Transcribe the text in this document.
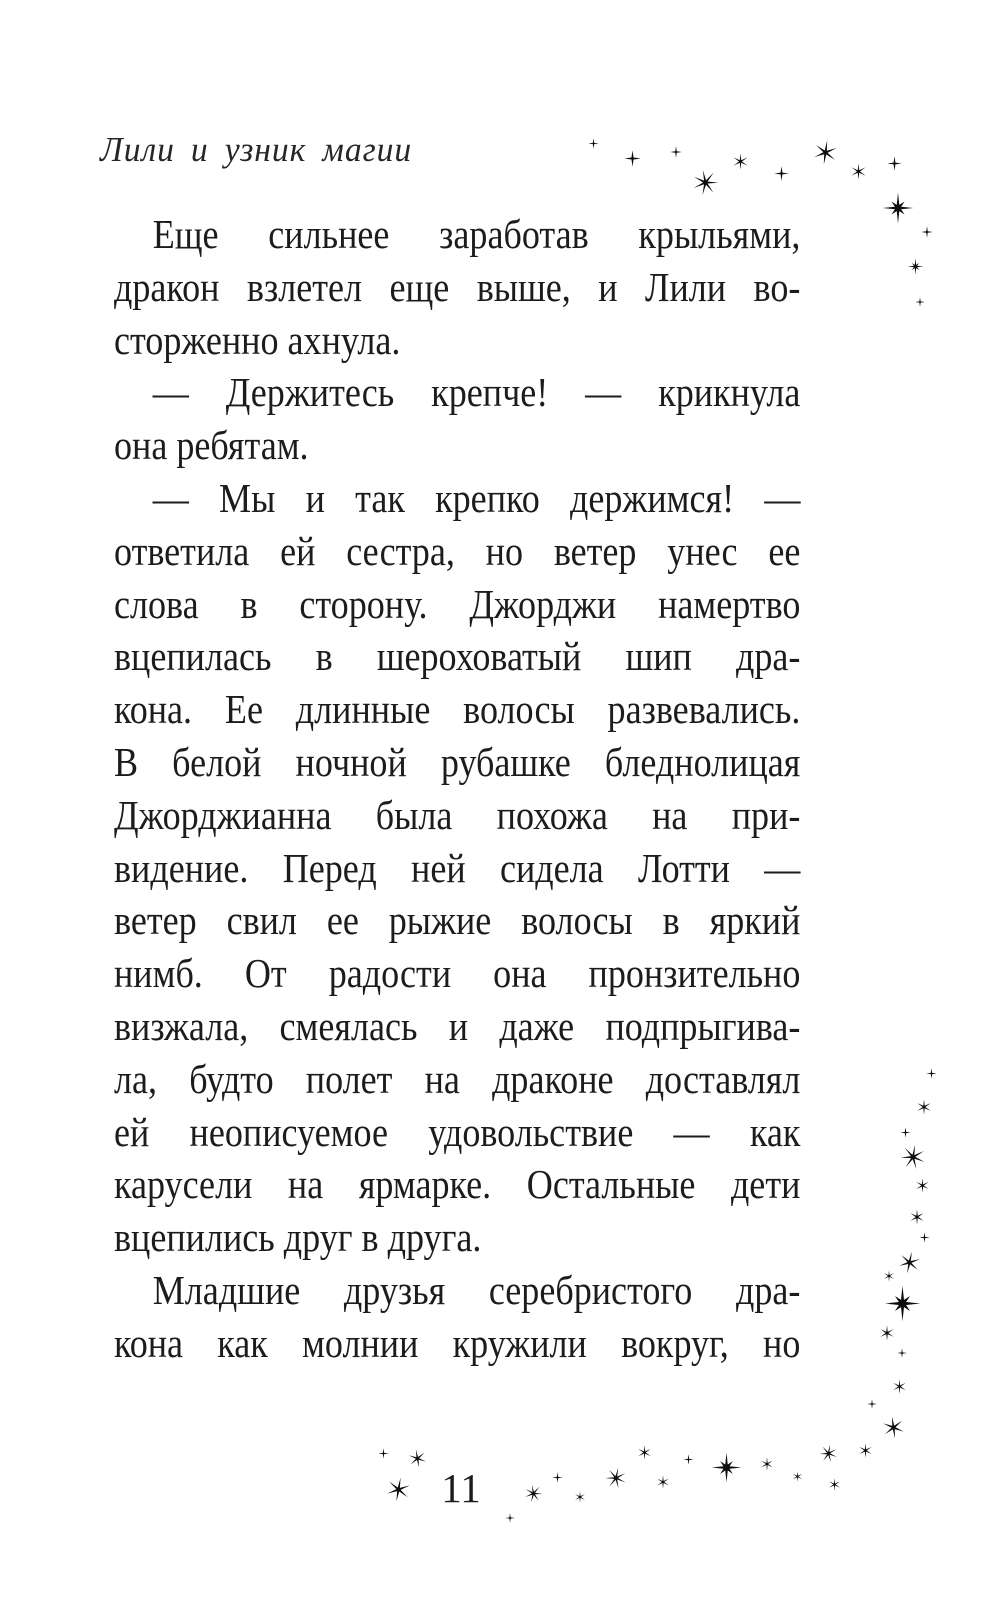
Лили и узник магии
Еще сильнее заработав крыльями,
дракон взлетел еще выше, и Лили во-
сторженно ахнула.
— Держитесь крепче! — крикнула
она ребятам.
— Мы и так крепко держимся! —
ответила ей сестра, но ветер унес ее
слова в сторону. Джорджи намертво
вцепилась в шероховатый шип дра-
кона. Ее длинные волосы развевались.
В белой ночной рубашке бледнолицая
Джорджианна была похожа на при-
видение. Перед ней сидела Лотти —
ветер свил ее рыжие волосы в яркий
нимб. От радости она пронзительно
визжала, смеялась и даже подпрыгива-
ла, будто полет на драконе доставлял
ей неописуемое удовольствие — как
карусели на ярмарке. Остальные дети
вцепились друг в друга.
Младшие друзья серебристого дра-
кона как молнии кружили вокруг, но
11
